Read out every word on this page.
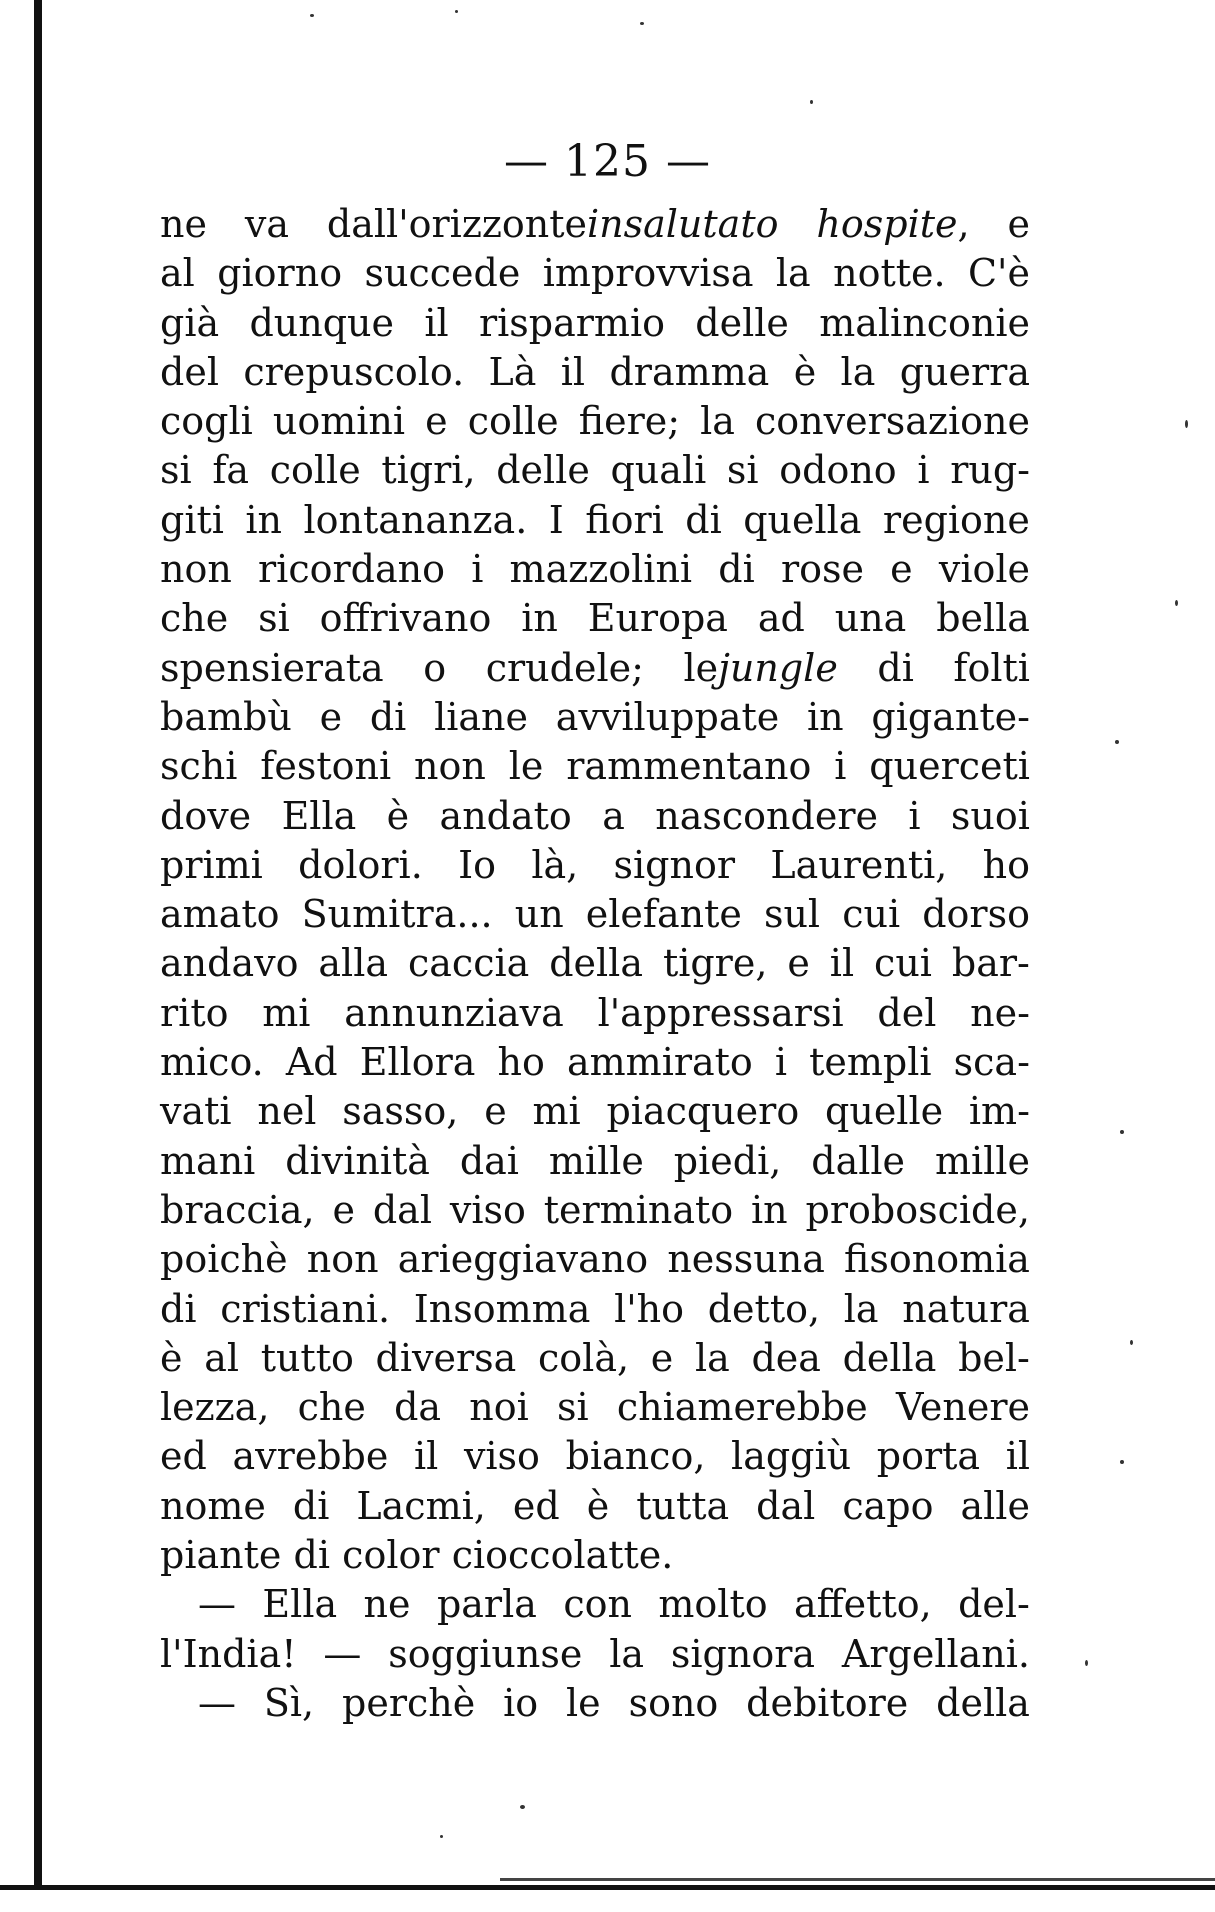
— 125 —
ne va dall'orizzonteinsalutato hospite, e
al giorno succede improvvisa la notte. C'è
già dunque il risparmio delle malinconie
del crepuscolo. Là il dramma è la guerra
cogli uomini e colle fiere; la conversazione
si fa colle tigri, delle quali si odono i rug-
giti in lontananza. I fiori di quella regione
non ricordano i mazzolini di rose e viole
che si offrivano in Europa ad una bella
spensierata o crudele; lejungle di folti
bambù e di liane avviluppate in gigante-
schi festoni non le rammentano i querceti
dove Ella è andato a nascondere i suoi
primi dolori. Io là, signor Laurenti, ho
amato Sumitra... un elefante sul cui dorso
andavo alla caccia della tigre, e il cui bar-
rito mi annunziava l'appressarsi del ne-
mico. Ad Ellora ho ammirato i templi sca-
vati nel sasso, e mi piacquero quelle im-
mani divinità dai mille piedi, dalle mille
braccia, e dal viso terminato in proboscide,
poichè non arieggiavano nessuna fisonomia
di cristiani. Insomma l'ho detto, la natura
è al tutto diversa colà, e la dea della bel-
lezza, che da noi si chiamerebbe Venere
ed avrebbe il viso bianco, laggiù porta il
nome di Lacmi, ed è tutta dal capo alle
piante di color cioccolatte.
— Ella ne parla con molto affetto, del-
l'India! — soggiunse la signora Argellani.
— Sì, perchè io le sono debitore della
